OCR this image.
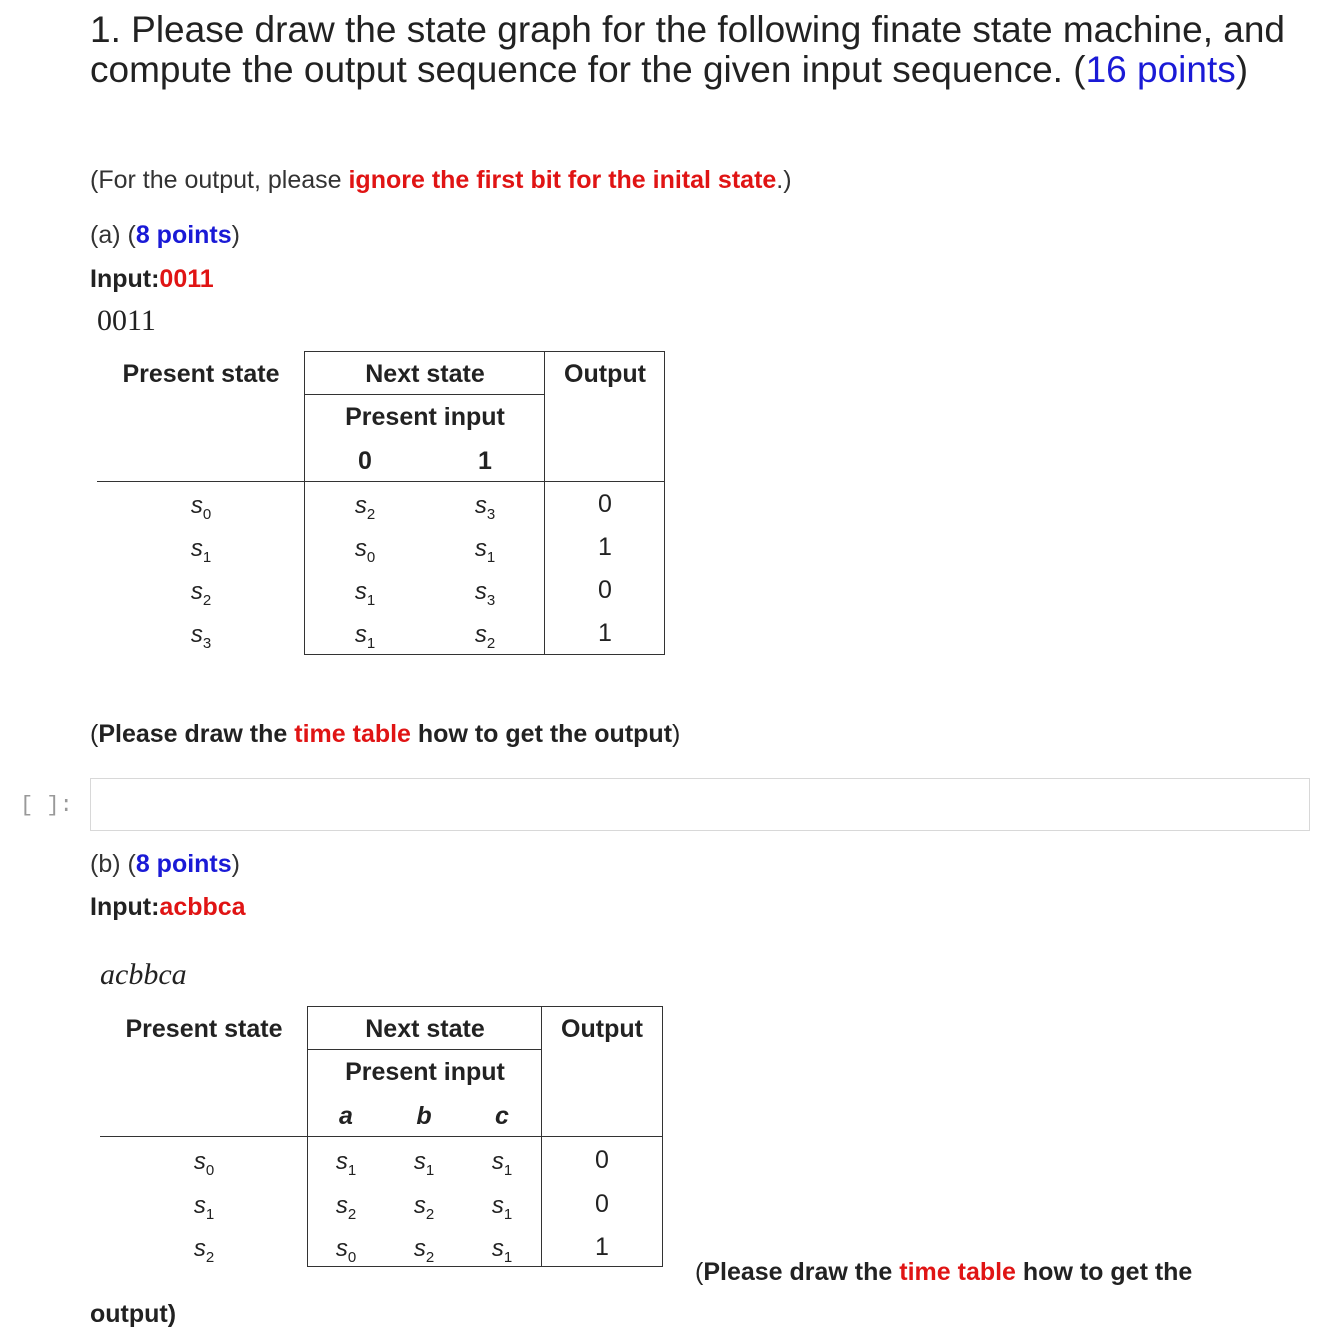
1. Please draw the state graph for the following finate state machine, and compute the output sequence for the given input sequence. (16 points)
(For the output, please ignore the first bit for the inital state.)
(a) (8 points)
Input:0011
0011
Present state	Next state	Output
Present input
0	1
$s_0$	$s_2$	$s_3$	0
$s_1$	$s_0$	$s_1$	1
$s_2$	$s_1$	$s_3$	0
$s_3$	$s_1$	$s_2$	1
(Please draw the time table how to get the output)
[ ]:
(b) (8 points)
Input:acbbca
acbbca
Present state	Next state	Output
Present input
a	b	c
$s_0$	$s_1$	$s_1$	$s_1$	0
$s_1$	$s_2$	$s_2$	$s_1$	0
$s_2$	$s_0$	$s_2$	$s_1$	1
(Please draw the time table how to get the
output)
